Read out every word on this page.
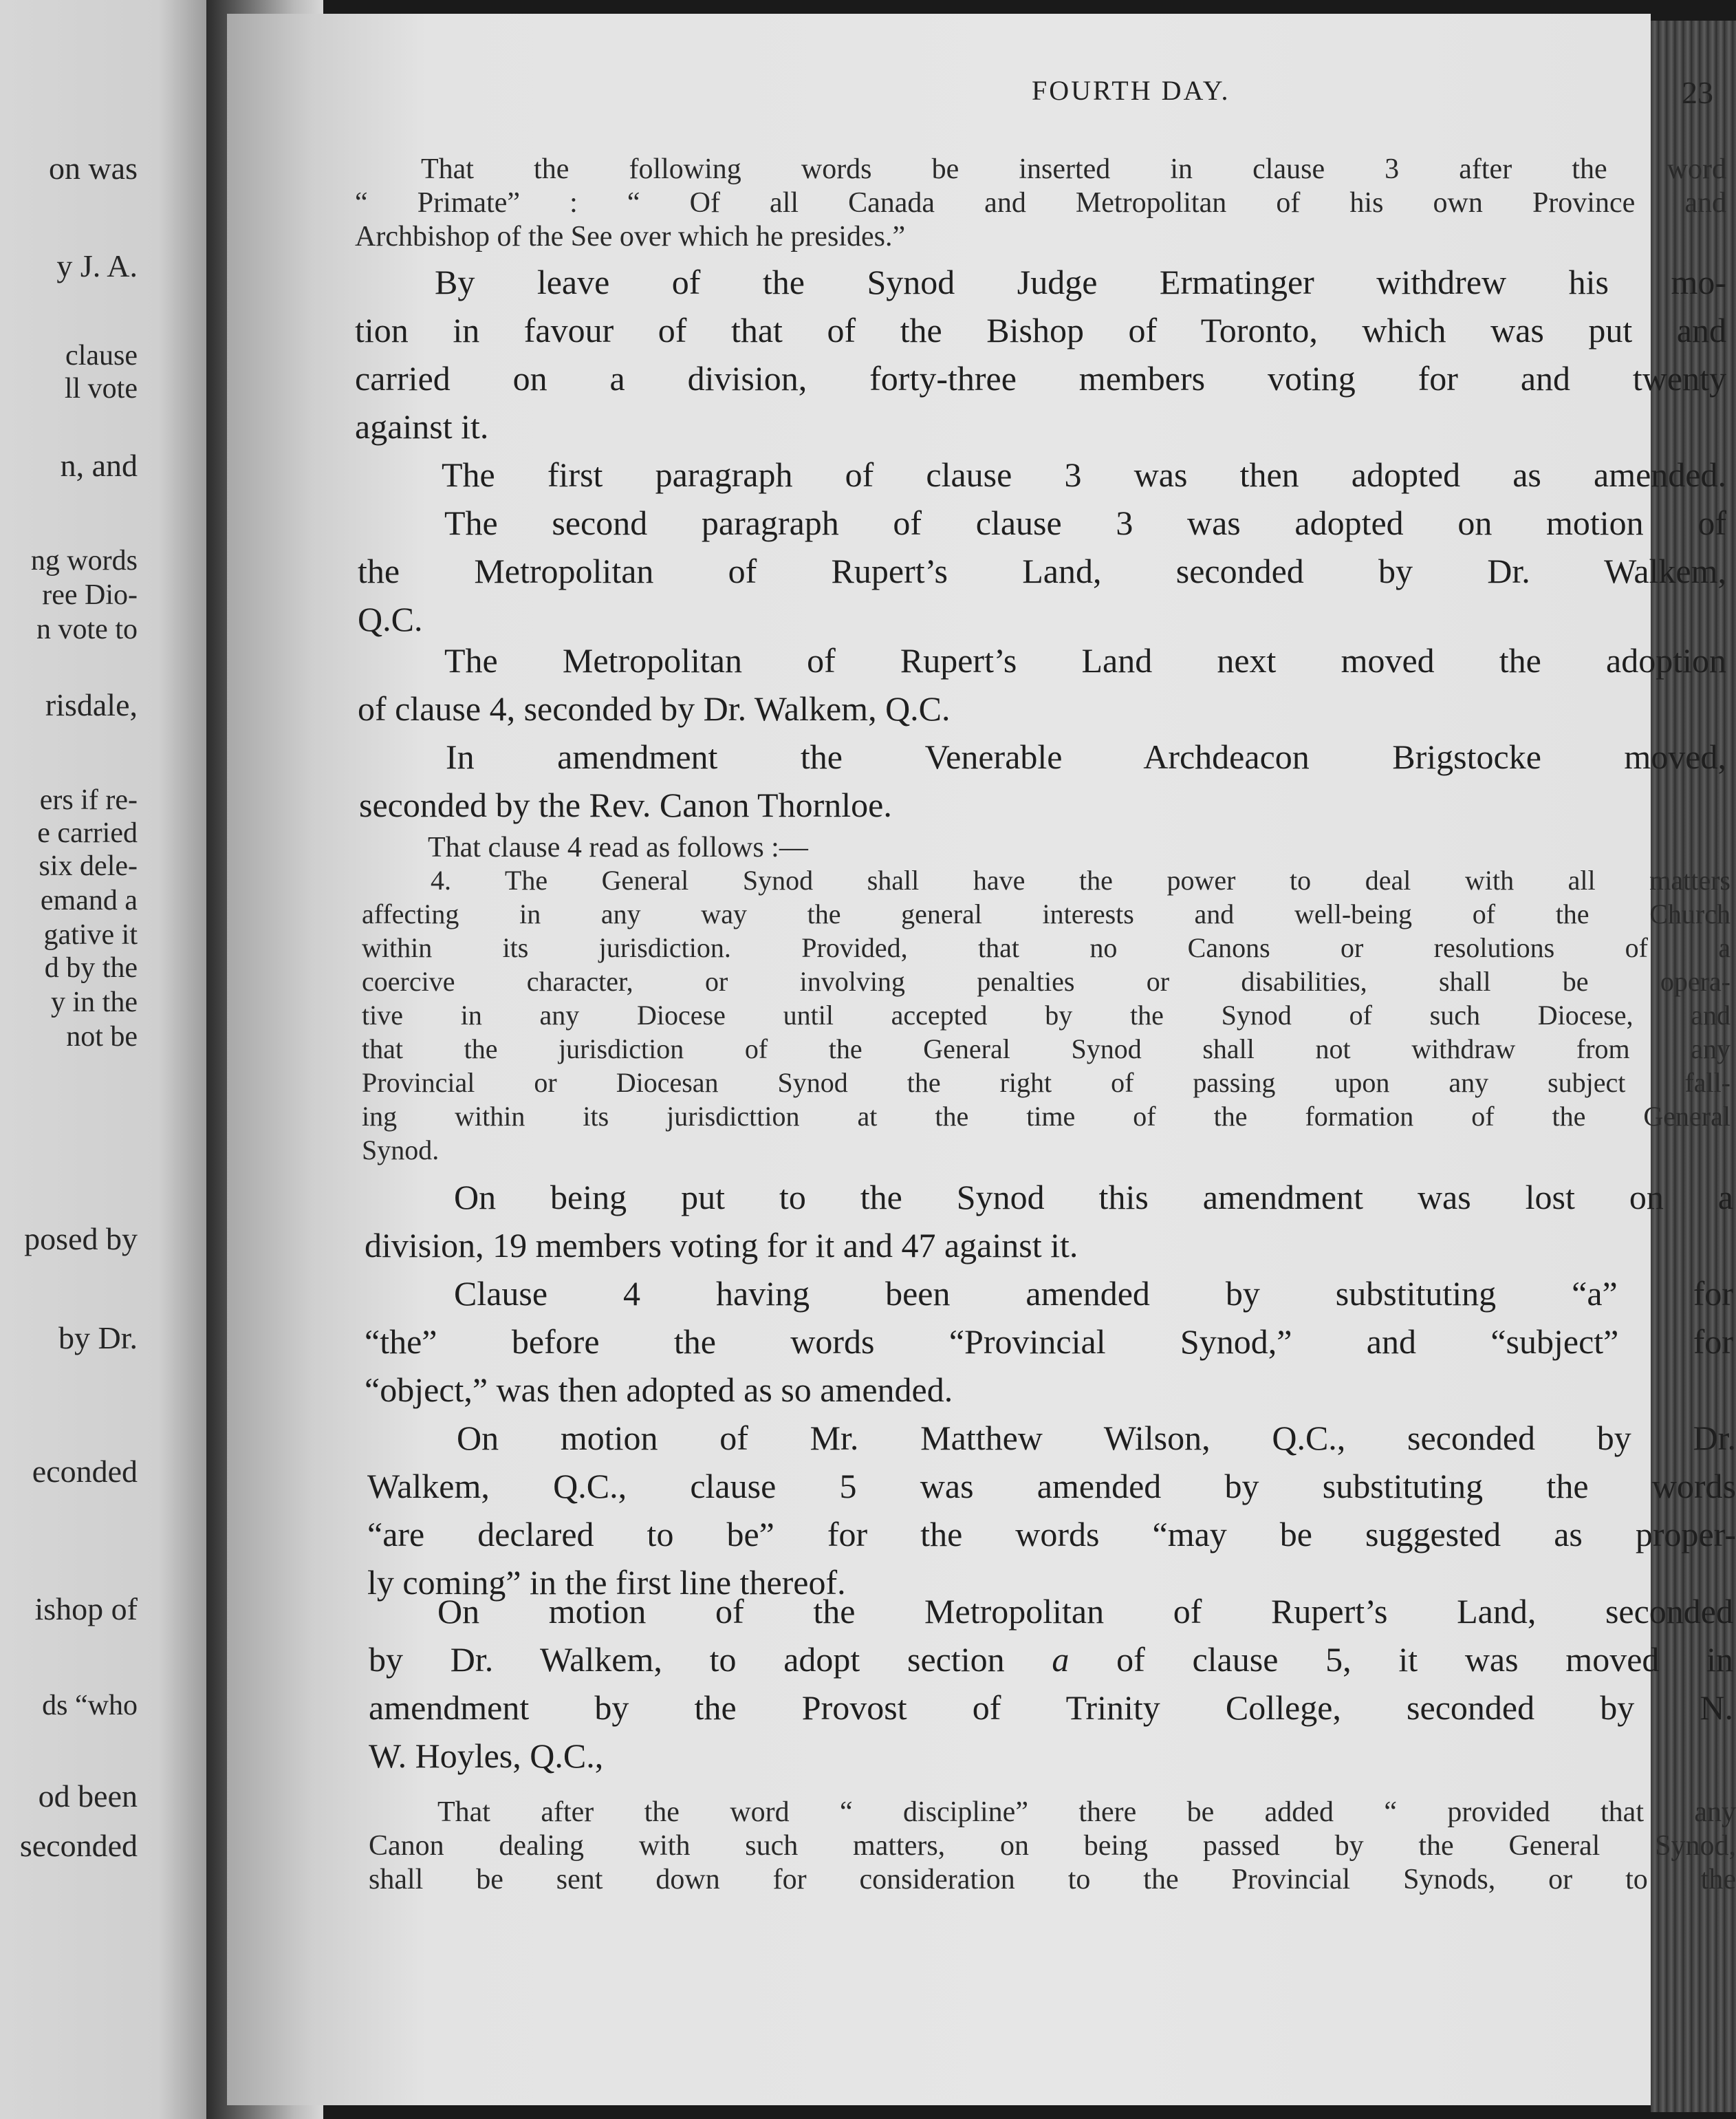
on was
y J. A.
clause
ll vote
n, and
ng words
ree Dio-
n vote to
risdale,
ers if re-
e carried
six dele-
emand a
gative it
d by the
y in the
not be
posed by
by Dr.
econded
ishop of
ds “who
od been
seconded
FOURTH DAY.	23
That the following words be inserted in clause 3 after the word
“ Primate” : “ Of all Canada and Metropolitan of his own Province and
Archbishop of the See over which he presides.”
By leave of the Synod Judge Ermatinger withdrew his mo-
tion in favour of that of the Bishop of Toronto, which was put and
carried on a division, forty-three members voting for and twenty
against it.
The first paragraph of clause 3 was then adopted as amended.
The second paragraph of clause 3 was adopted on motion of
the Metropolitan of Rupert’s Land, seconded by Dr. Walkem,
Q.C.
The Metropolitan of Rupert’s Land next moved the adoption
of clause 4, seconded by Dr. Walkem, Q.C.
In amendment the Venerable Archdeacon Brigstocke moved,
seconded by the Rev. Canon Thornloe.
That clause 4 read as follows :—
4. The General Synod shall have the power to deal with all matters
affecting in any way the general interests and well-being of the Church
within its jurisdiction. Provided, that no Canons or resolutions of a
coercive character, or involving penalties or disabilities, shall be opera-
tive in any Diocese until accepted by the Synod of such Diocese, and
that the jurisdiction of the General Synod shall not withdraw from any
Provincial or Diocesan Synod the right of passing upon any subject fall-
ing within its jurisdicttion at the time of the formation of the General
Synod.
On being put to the Synod this amendment was lost on a
division, 19 members voting for it and 47 against it.
Clause 4 having been amended by substituting “a” for
“the” before the words “Provincial Synod,” and “subject” for
“object,” was then adopted as so amended.
On motion of Mr. Matthew Wilson, Q.C., seconded by Dr.
Walkem, Q.C., clause 5 was amended by substituting the words
“are declared to be” for the words “may be suggested as proper-
ly coming” in the first line thereof.
That after the word “ discipline” there be added “ provided that any
Canon dealing with such matters, on being passed by the General Synod,
shall be sent down for consideration to the Provincial Synods, or to the
On motion of the Metropolitan of Rupert’s Land, seconded
by Dr. Walkem, to adopt section a of clause 5, it was moved in
amendment by the Provost of Trinity College, seconded by N.
W. Hoyles, Q.C.,
